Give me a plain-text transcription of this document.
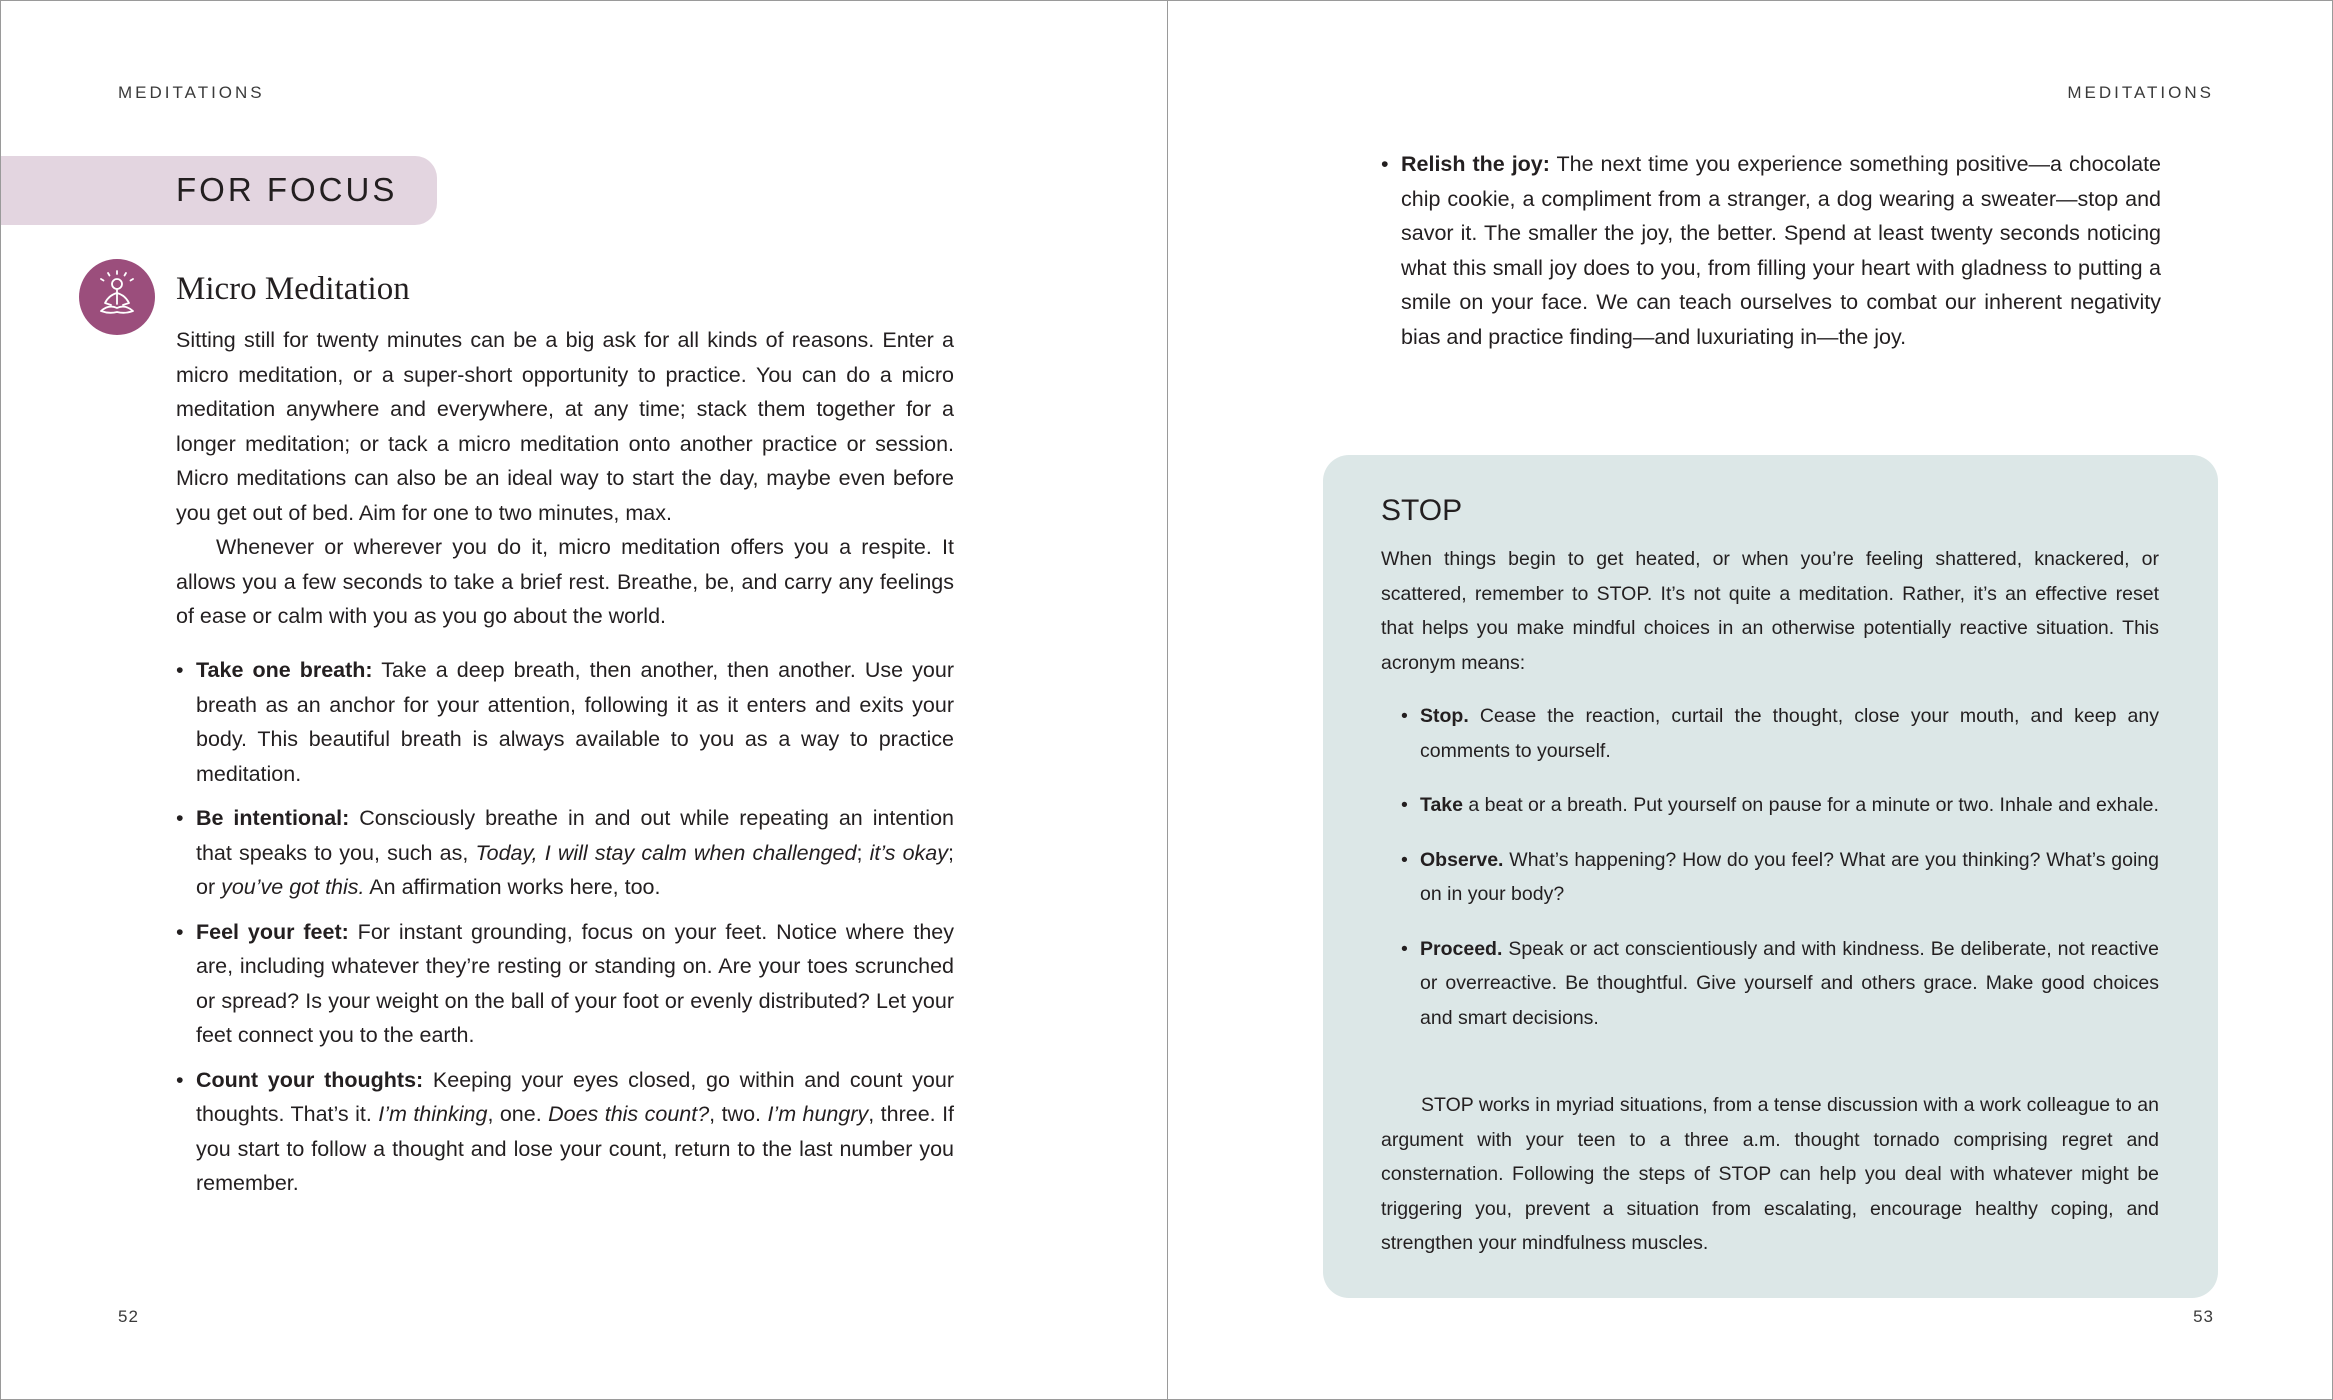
MEDITATIONS
FOR FOCUS
Micro Meditation

Sitting still for twenty minutes can be a big ask for all kinds of reasons. Enter a micro meditation, or a super-short opportunity to practice. You can do a micro meditation anywhere and everywhere, at any time; stack them together for a longer meditation; or tack a micro meditation onto another practice or session. Micro meditations can also be an ideal way to start the day, maybe even before you get out of bed. Aim for one to two minutes, max.

Whenever or wherever you do it, micro meditation offers you a respite. It allows you a few seconds to take a brief rest. Breathe, be, and carry any feelings of ease or calm with you as you go about the world.

• Take one breath: Take a deep breath, then another, then another. Use your breath as an anchor for your attention, following it as it enters and exits your body. This beautiful breath is always available to you as a way to practice meditation.
• Be intentional: Consciously breathe in and out while repeating an intention that speaks to you, such as, Today, I will stay calm when challenged; it’s okay; or you’ve got this. An affirmation works here, too.
• Feel your feet: For instant grounding, focus on your feet. Notice where they are, including whatever they’re resting or standing on. Are your toes scrunched or spread? Is your weight on the ball of your foot or evenly distributed? Let your feet connect you to the earth.
• Count your thoughts: Keeping your eyes closed, go within and count your thoughts. That’s it. I’m thinking, one. Does this count?, two. I’m hungry, three. If you start to follow a thought and lose your count, return to the last number you remember.
52
MEDITATIONS
53
• Relish the joy: The next time you experience something positive—a chocolate chip cookie, a compliment from a stranger, a dog wearing a sweater—stop and savor it. The smaller the joy, the better. Spend at least twenty seconds noticing what this small joy does to you, from filling your heart with gladness to putting a smile on your face. We can teach ourselves to combat our inherent negativity bias and practice finding—and luxuriating in—the joy.
STOP

When things begin to get heated, or when you’re feeling shattered, knackered, or scattered, remember to STOP. It’s not quite a meditation. Rather, it’s an effective reset that helps you make mindful choices in an otherwise potentially reactive situation. This acronym means:

• Stop. Cease the reaction, curtail the thought, close your mouth, and keep any comments to yourself.
• Take a beat or a breath. Put yourself on pause for a minute or two. Inhale and exhale.
• Observe. What’s happening? How do you feel? What are you thinking? What’s going on in your body?
• Proceed. Speak or act conscientiously and with kindness. Be deliberate, not reactive or overreactive. Be thoughtful. Give yourself and others grace. Make good choices and smart decisions.

STOP works in myriad situations, from a tense discussion with a work colleague to an argument with your teen to a three a.m. thought tornado comprising regret and consternation. Following the steps of STOP can help you deal with whatever might be triggering you, prevent a situation from escalating, encourage healthy coping, and strengthen your mindfulness muscles.
